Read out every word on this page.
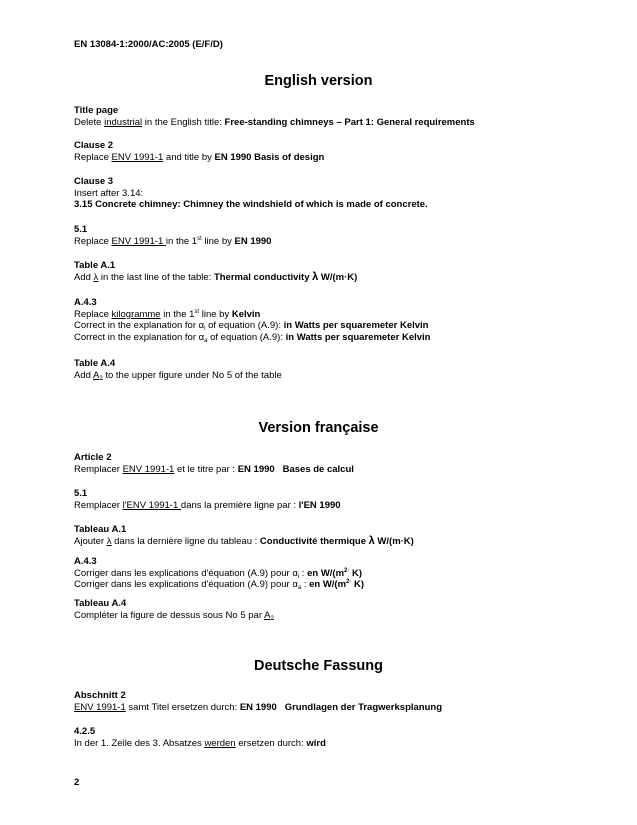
EN 13084-1:2000/AC:2005 (E/F/D)
English version
Title page
Delete industrial in the English title: Free-standing chimneys – Part 1: General requirements
Clause 2
Replace ENV 1991-1 and title by EN 1990 Basis of design
Clause 3
Insert after 3.14:
3.15 Concrete chimney: Chimney the windshield of which is made of concrete.
5.1
Replace ENV 1991-1 in the 1st line by EN 1990
Table A.1
Add λ in the last line of the table: Thermal conductivity λ W/(m·K)
A.4.3
Replace kilogramme in the 1st line by Kelvin
Correct in the explanation for $\alpha_i$ of equation (A.9): in Watts per squaremeter Kelvin
Correct in the explanation for $\alpha_a$ of equation (A.9): in Watts per squaremeter Kelvin
Table A.4
Add $A_2$ to the upper figure under No 5 of the table
Version française
Article 2
Remplacer ENV 1991-1 et le titre par : EN 1990   Bases de calcul
5.1
Remplacer l'ENV 1991-1 dans la première ligne par : l'EN 1990
Tableau A.1
Ajouter λ dans la dernière ligne du tableau : Conductivité thermique λ W/(m·K)
A.4.3
Corriger dans les explications d'équation (A.9) pour $\alpha_i$ : en $W/(m^{2\cdot}$ K)
Corriger dans les explications d'équation (A.9) pour $\alpha_a$ : en $W/(m^{2\cdot}$ K)
Tableau A.4
Compléter la figure de dessus sous No 5 par $A_2$
Deutsche Fassung
Abschnitt 2
ENV 1991-1 samt Titel ersetzen durch: EN 1990   Grundlagen der Tragwerksplanung
4.2.5
In der 1. Zeile des 3. Absatzes werden ersetzen durch: wird
2
